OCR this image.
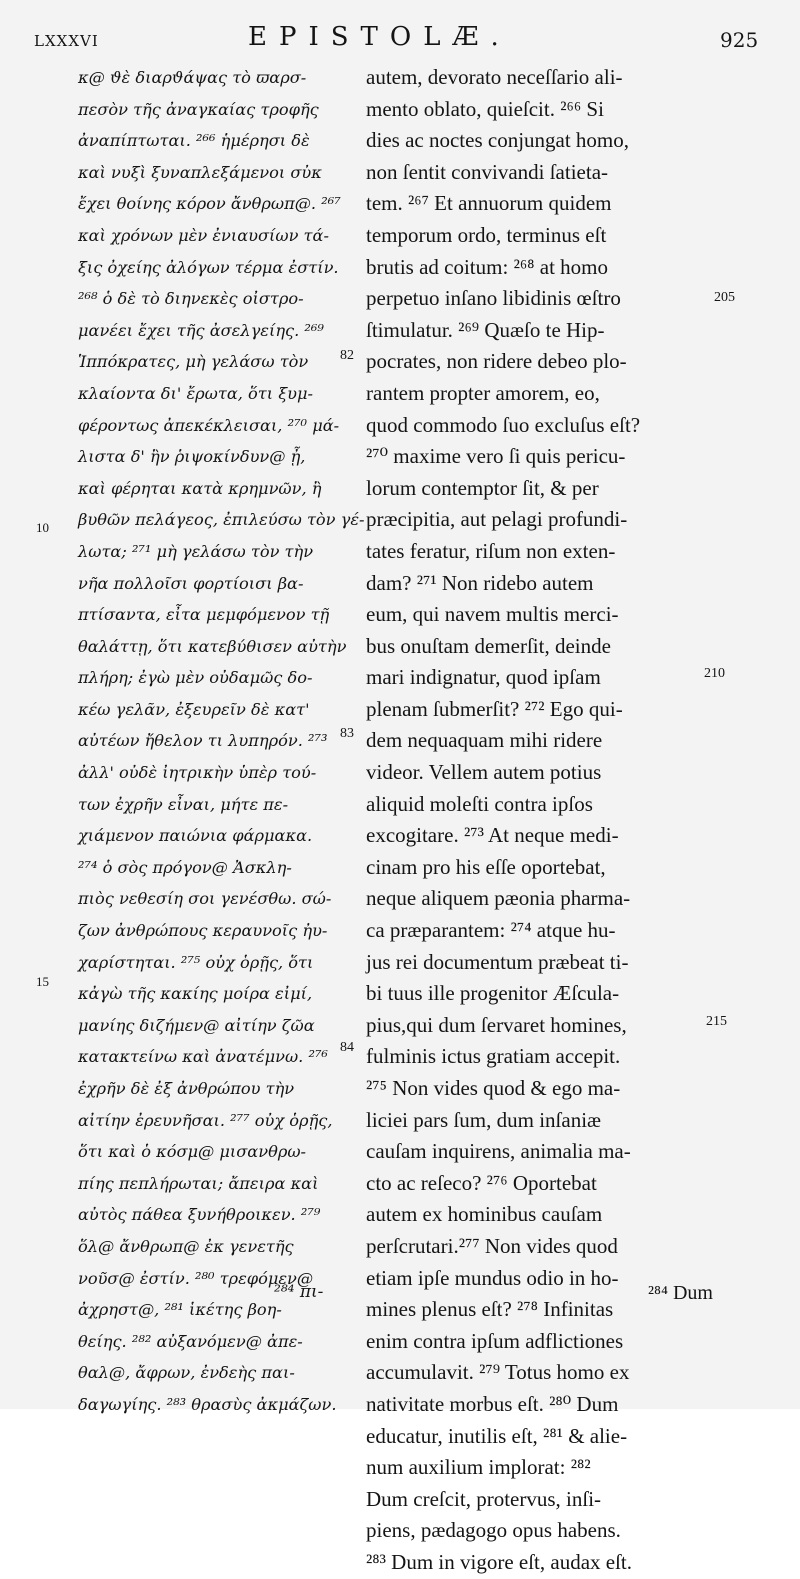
LXXXVI	EPISTOLÆ.	925
κ@ ϑὲ διαρϑάψας τὸ ϖαρσ-
πεσὸν τῆς ἀναγκαίας τροφῆς
ἀναπίπτωται. ²⁶⁶ ἡμέρησι δὲ
καὶ νυξὶ ξυναπλεξάμενοι σὐκ
ἔχει θοίνης κόρον ἄνθρωπ@. ²⁶⁷
καὶ χρόνων μὲν ἐνιαυσίων τά-
ξις ὀχείης ἀλόγων τέρμα ἐστίν.
²⁶⁸ ὁ δὲ τὸ διηνεκὲς οἰστρο-
μανέει ἔχει τῆς ἀσελγείης. ²⁶⁹
Ἱππόκρατες, μὴ γελάσω τὸν
κλαίοντα δι' ἔρωτα, ὅτι ξυμ-
φέροντως ἀπεκέκλεισαι, ²⁷⁰ μά-
λιστα δ' ἢν ῥιψοκίνδυν@ ᾖ,
καὶ φέρηται κατὰ κρημνῶν, ἢ
βυθῶν πελάγεος, ἐπιλεύσω τὸν γέ-
λωτα; ²⁷¹ μὴ γελάσω τὸν τὴν
νῆα πολλοῖσι φορτίοισι βα-
πτίσαντα, εἶτα μεμφόμενον τῇ
θαλάττῃ, ὅτι κατεβύθισεν αὐτὴν
πλήρη; ἐγὼ μὲν οὐδαμῶς δο-
κέω γελᾶν, ἐξευρεῖν δὲ κατ'
αὐτέων ἤθελον τι λυπηρόν. ²⁷³
ἀλλ' οὐδὲ ἰητρικὴν ὑπὲρ τού-
των ἐχρῆν εἶναι, μήτε πε-
χιάμενον παιώνια φάρμακα.
²⁷⁴ ὁ σὸς πρόγον@ Ἀσκλη-
πιὸς νεθεσίη σοι γενέσθω. σώ-
ζων ἀνθρώπους κεραυνοῖς ἠυ-
χαρίστηται. ²⁷⁵ οὐχ ὁρῇς, ὅτι
κἀγὼ τῆς κακίης μοίρα εἰμί,
μανίης διζήμεν@ αἰτίην ζῶα
κατακτείνω καὶ ἀνατέμνω. ²⁷⁶
ἐχρῆν δὲ ἐξ ἀνθρώπου τὴν
αἰτίην ἐρευνῆσαι. ²⁷⁷ οὐχ ὁρῇς,
ὅτι καὶ ὁ κόσμ@ μισανθρω-
πίης πεπλήρωται; ἄπειρα καὶ
αὐτὸς πάθεα ξυνήθροικεν. ²⁷⁹
ὅλ@ ἄνθρωπ@ ἐκ γενετῆς
νοῦσ@ ἐστίν. ²⁸⁰ τρεφόμεν@
ἀχρηστ@, ²⁸¹ ἱκέτης βοη-
θείης. ²⁸² αὐξανόμεν@ ἀπε-
θαλ@, ἄφρων, ἐνδεὴς παι-
δαγωγίης. ²⁸³ θρασὺς ἀκμάζων.
autem, devorato neceſſario ali-
mento oblato, quieſcit. ²⁶⁶ Si
dies ac noctes conjungat homo,
non ſentit convivandi ſatieta-
tem. ²⁶⁷ Et annuorum quidem
temporum ordo, terminus eſt
brutis ad coitum: ²⁶⁸ at homo
perpetuo inſano libidinis œſtro
ſtimulatur. ²⁶⁹ Quæſo te Hip-
pocrates, non ridere debeo plo-
rantem propter amorem, eo,
quod commodo ſuo excluſus eſt?
²⁷⁰ maxime vero ſi quis pericu-
lorum contemptor ſit, & per
præcipitia, aut pelagi profundi-
tates feratur, riſum non exten-
dam? ²⁷¹ Non ridebo autem
eum, qui navem multis merci-
bus onuſtam demerſit, deinde
mari indignatur, quod ipſam
plenam ſubmerſit? ²⁷² Ego qui-
dem nequaquam mihi ridere
videor. Vellem autem potius
aliquid moleſti contra ipſos
excogitare. ²⁷³ At neque medi-
cinam pro his eſſe oportebat,
neque aliquem pæonia pharma-
ca præparantem: ²⁷⁴ atque hu-
jus rei documentum præbeat ti-
bi tuus ille progenitor Æſcula-
pius,qui dum ſervaret homines,
fulminis ictus gratiam accepit.
²⁷⁵ Non vides quod & ego ma-
liciei pars ſum, dum inſaniæ
cauſam inquirens, animalia ma-
cto ac reſeco? ²⁷⁶ Oportebat
autem ex hominibus cauſam
perſcrutari.²⁷⁷ Non vides quod
etiam ipſe mundus odio in ho-
mines plenus eſt? ²⁷⁸ Infinitas
enim contra ipſum adflictiones
accumulavit. ²⁷⁹ Totus homo ex
nativitate morbus eſt. ²⁸⁰ Dum
educatur, inutilis eſt, ²⁸¹ & alie-
num auxilium implorat: ²⁸²
Dum creſcit, protervus, inſi-
piens, pædagogo opus habens.
²⁸³ Dum in vigore eſt, audax eſt.
10
15
82
83
84
205
210
215
²⁸⁴ πι-	²⁸⁴ Dum
